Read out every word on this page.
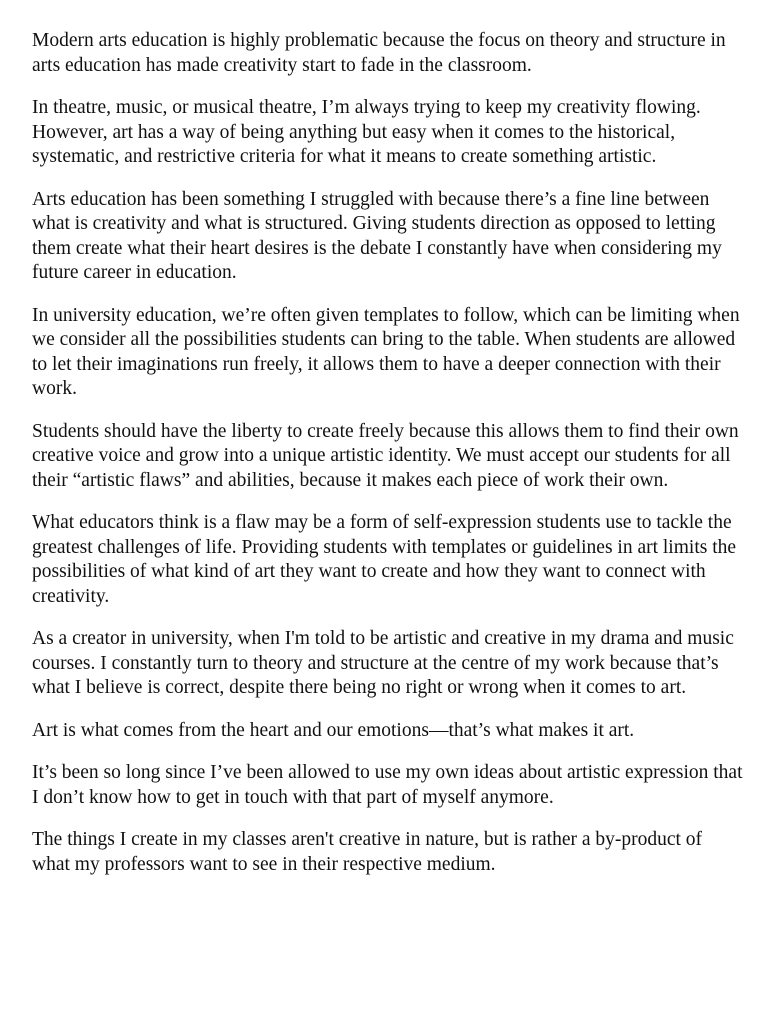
Modern arts education is highly problematic because the focus on theory and structure in arts education has made creativity start to fade in the classroom.

In theatre, music, or musical theatre, I’m always trying to keep my creativity flowing. However, art has a way of being anything but easy when it comes to the historical, systematic, and restrictive criteria for what it means to create something artistic.

Arts education has been something I struggled with because there’s a fine line between what is creativity and what is structured. Giving students direction as opposed to letting them create what their heart desires is the debate I constantly have when considering my future career in education.

In university education, we’re often given templates to follow, which can be limiting when we consider all the possibilities students can bring to the table. When students are allowed to let their imaginations run freely, it allows them to have a deeper connection with their work.

Students should have the liberty to create freely because this allows them to find their own creative voice and grow into a unique artistic identity. We must accept our students for all their “artistic flaws” and abilities, because it makes each piece of work their own.

What educators think is a flaw may be a form of self-expression students use to tackle the greatest challenges of life. Providing students with templates or guidelines in art limits the possibilities of what kind of art they want to create and how they want to connect with creativity.

As a creator in university, when I'm told to be artistic and creative in my drama and music courses. I constantly turn to theory and structure at the centre of my work because that’s what I believe is correct, despite there being no right or wrong when it comes to art.

Art is what comes from the heart and our emotions—that’s what makes it art.

It’s been so long since I’ve been allowed to use my own ideas about artistic expression that I don’t know how to get in touch with that part of myself anymore.

The things I create in my classes aren't creative in nature, but is rather a by-product of what my professors want to see in their respective medium.
